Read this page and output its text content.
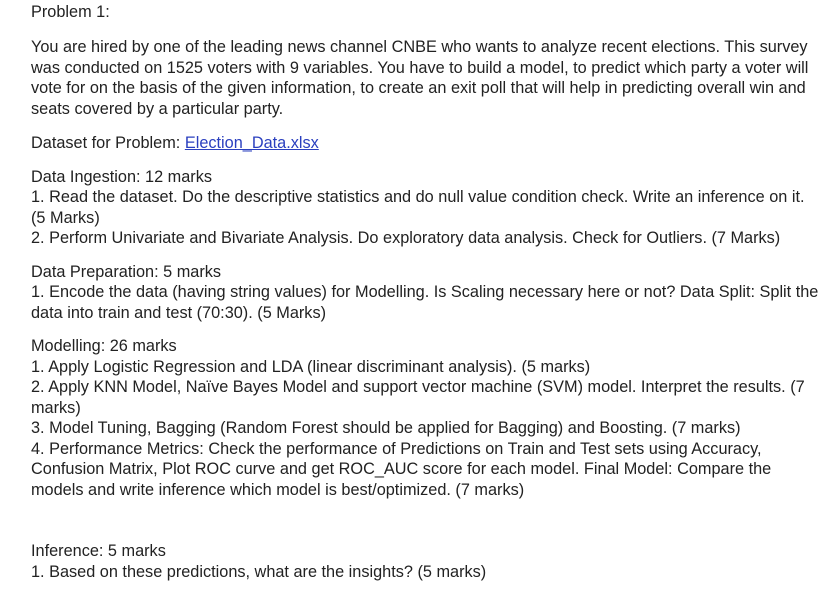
Problem 1:

You are hired by one of the leading news channel CNBE who wants to analyze recent elections. This survey was conducted on 1525 voters with 9 variables. You have to build a model, to predict which party a voter will vote for on the basis of the given information, to create an exit poll that will help in predicting overall win and seats covered by a particular party.

Dataset for Problem: Election_Data.xlsx

Data Ingestion: 12 marks
1. Read the dataset. Do the descriptive statistics and do null value condition check. Write an inference on it. (5 Marks)
2. Perform Univariate and Bivariate Analysis. Do exploratory data analysis. Check for Outliers. (7 Marks)
Data Preparation: 5 marks
1. Encode the data (having string values) for Modelling. Is Scaling necessary here or not? Data Split: Split the data into train and test (70:30). (5 Marks)
Modelling: 26 marks
1. Apply Logistic Regression and LDA (linear discriminant analysis). (5 marks)
2. Apply KNN Model, Naïve Bayes Model and support vector machine (SVM) model. Interpret the results. (7 marks)
3. Model Tuning, Bagging (Random Forest should be applied for Bagging) and Boosting. (7 marks)
4. Performance Metrics: Check the performance of Predictions on Train and Test sets using Accuracy, Confusion Matrix, Plot ROC curve and get ROC_AUC score for each model. Final Model: Compare the models and write inference which model is best/optimized. (7 marks)
Inference: 5 marks
1. Based on these predictions, what are the insights? (5 marks)
